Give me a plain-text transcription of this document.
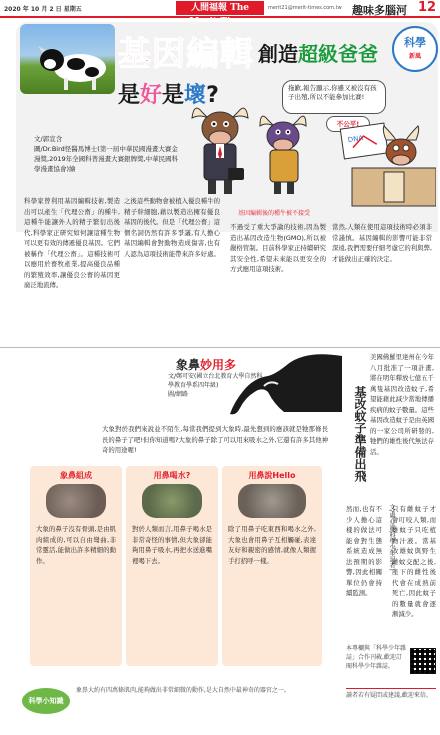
2020 年 10 月 2 日 星期五	人間福報 The	merit21@merit-times.com.tw 趣味多腦河 12
基因編輯 創造超級爸爸
是好是壞?
科學
新風
拖歉,報告顯示,你雖又被沒有孩子出殖,所以不能參加比賽!
不公平!
DNA
基因編輯後的種牛被不接受
文/郭宣含
圖/Dr.Bird怪醫馬博士(第一屆中華民國漫畫大賽金漫獎,2019年全國科普漫畫大賽銀牌獎,中華民國科學漫畫協會)繪
科學家曾利用基因編輯技術,製造出可以產生「代理公畜」的種牛,這種牛能讓外人的精子繁衍出後代,科學家正研究如何讓這種生物可以更有效的傳遞優良基因。它們被稱作「代理公畜」。這種技術可以應用於畜牧產業,提高優良品種的繁殖效率,讓優良公畜的基因更廣泛地流傳。
之後這些動物會被植入優良種牛的精子幹細胞,藉以製造出擁有優良基因的後代。但是「代理公畜」這個名詞仍然有許多爭議,有人擔心基因編輯會對動物造成傷害,也有人認為這項技術能帶來許多好處。
不過受了重大爭論的技術,因為製造出基因改造生物(GMO),所以被嚴格管制。目前科學家正持續研究其安全性,希望未來能以更安全的方式應用這項技術。
當然,人類在使用這項技術時必須非常謹慎。基因編輯的影響可能非常深遠,我們需要仔細考慮它的利與弊,才能做出正確的決定。
象鼻妙用多
文/鄭可安(國立台北教育大學自然科學教育學系四年級)
圖/網路
大象對於我們來說並不陌生,每當我們提到大象時,最先想到的應該就是牠那條長長的鼻子了吧!但你知道嗎?大象的鼻子除了可以用來吸水之外,它還有許多其他神奇的用途喔!
象鼻組成
大象的鼻子沒有骨頭,是由肌肉組成的,可以自由彎曲,非常靈活,能做出許多精細的動作。
用鼻喝水?
對於人類而言,用鼻子喝水是非常奇怪的事情,但大象卻能夠用鼻子吸水,再把水送進嘴裡喝下去。
用鼻說Hello
除了用鼻子吃東西和喝水之外,大象也會用鼻子互相觸碰,表達友好和親密的感情,就像人類握手打招呼一樣。
科學小知識
象鼻大約有四萬條肌肉,能夠做出非常細微的動作,是大自然中最神奇的器官之一。
基改蚊子準備出飛
文/盧心渝(科學少年記者)
美國佛羅里達州在今年八月批准了一項計畫,將在明年釋放七億五千萬隻基因改造蚊子,希望能藉此減少當地傳播疾病的蚊子數量。這些基因改造蚊子是由英國的一家公司所研發的,牠們的雄性後代無法存活。
只有雌蚊子才會叮咬人類,而雄蚊子只吃植物汁液。當基改雄蚊與野生雌蚊交配之後,產下的雌性後代會在成熟前死亡,因此蚊子的數量就會逐漸減少。
然而,也有不少人擔心這樣的做法可能會對生態系統造成無法預期的影響,因此相關單位仍會持續監測。
本專欄與「科學少年雜誌」合作刊載,歡迎訂閱科學少年雜誌。
讀者若有疑問或建議,歡迎來信。
